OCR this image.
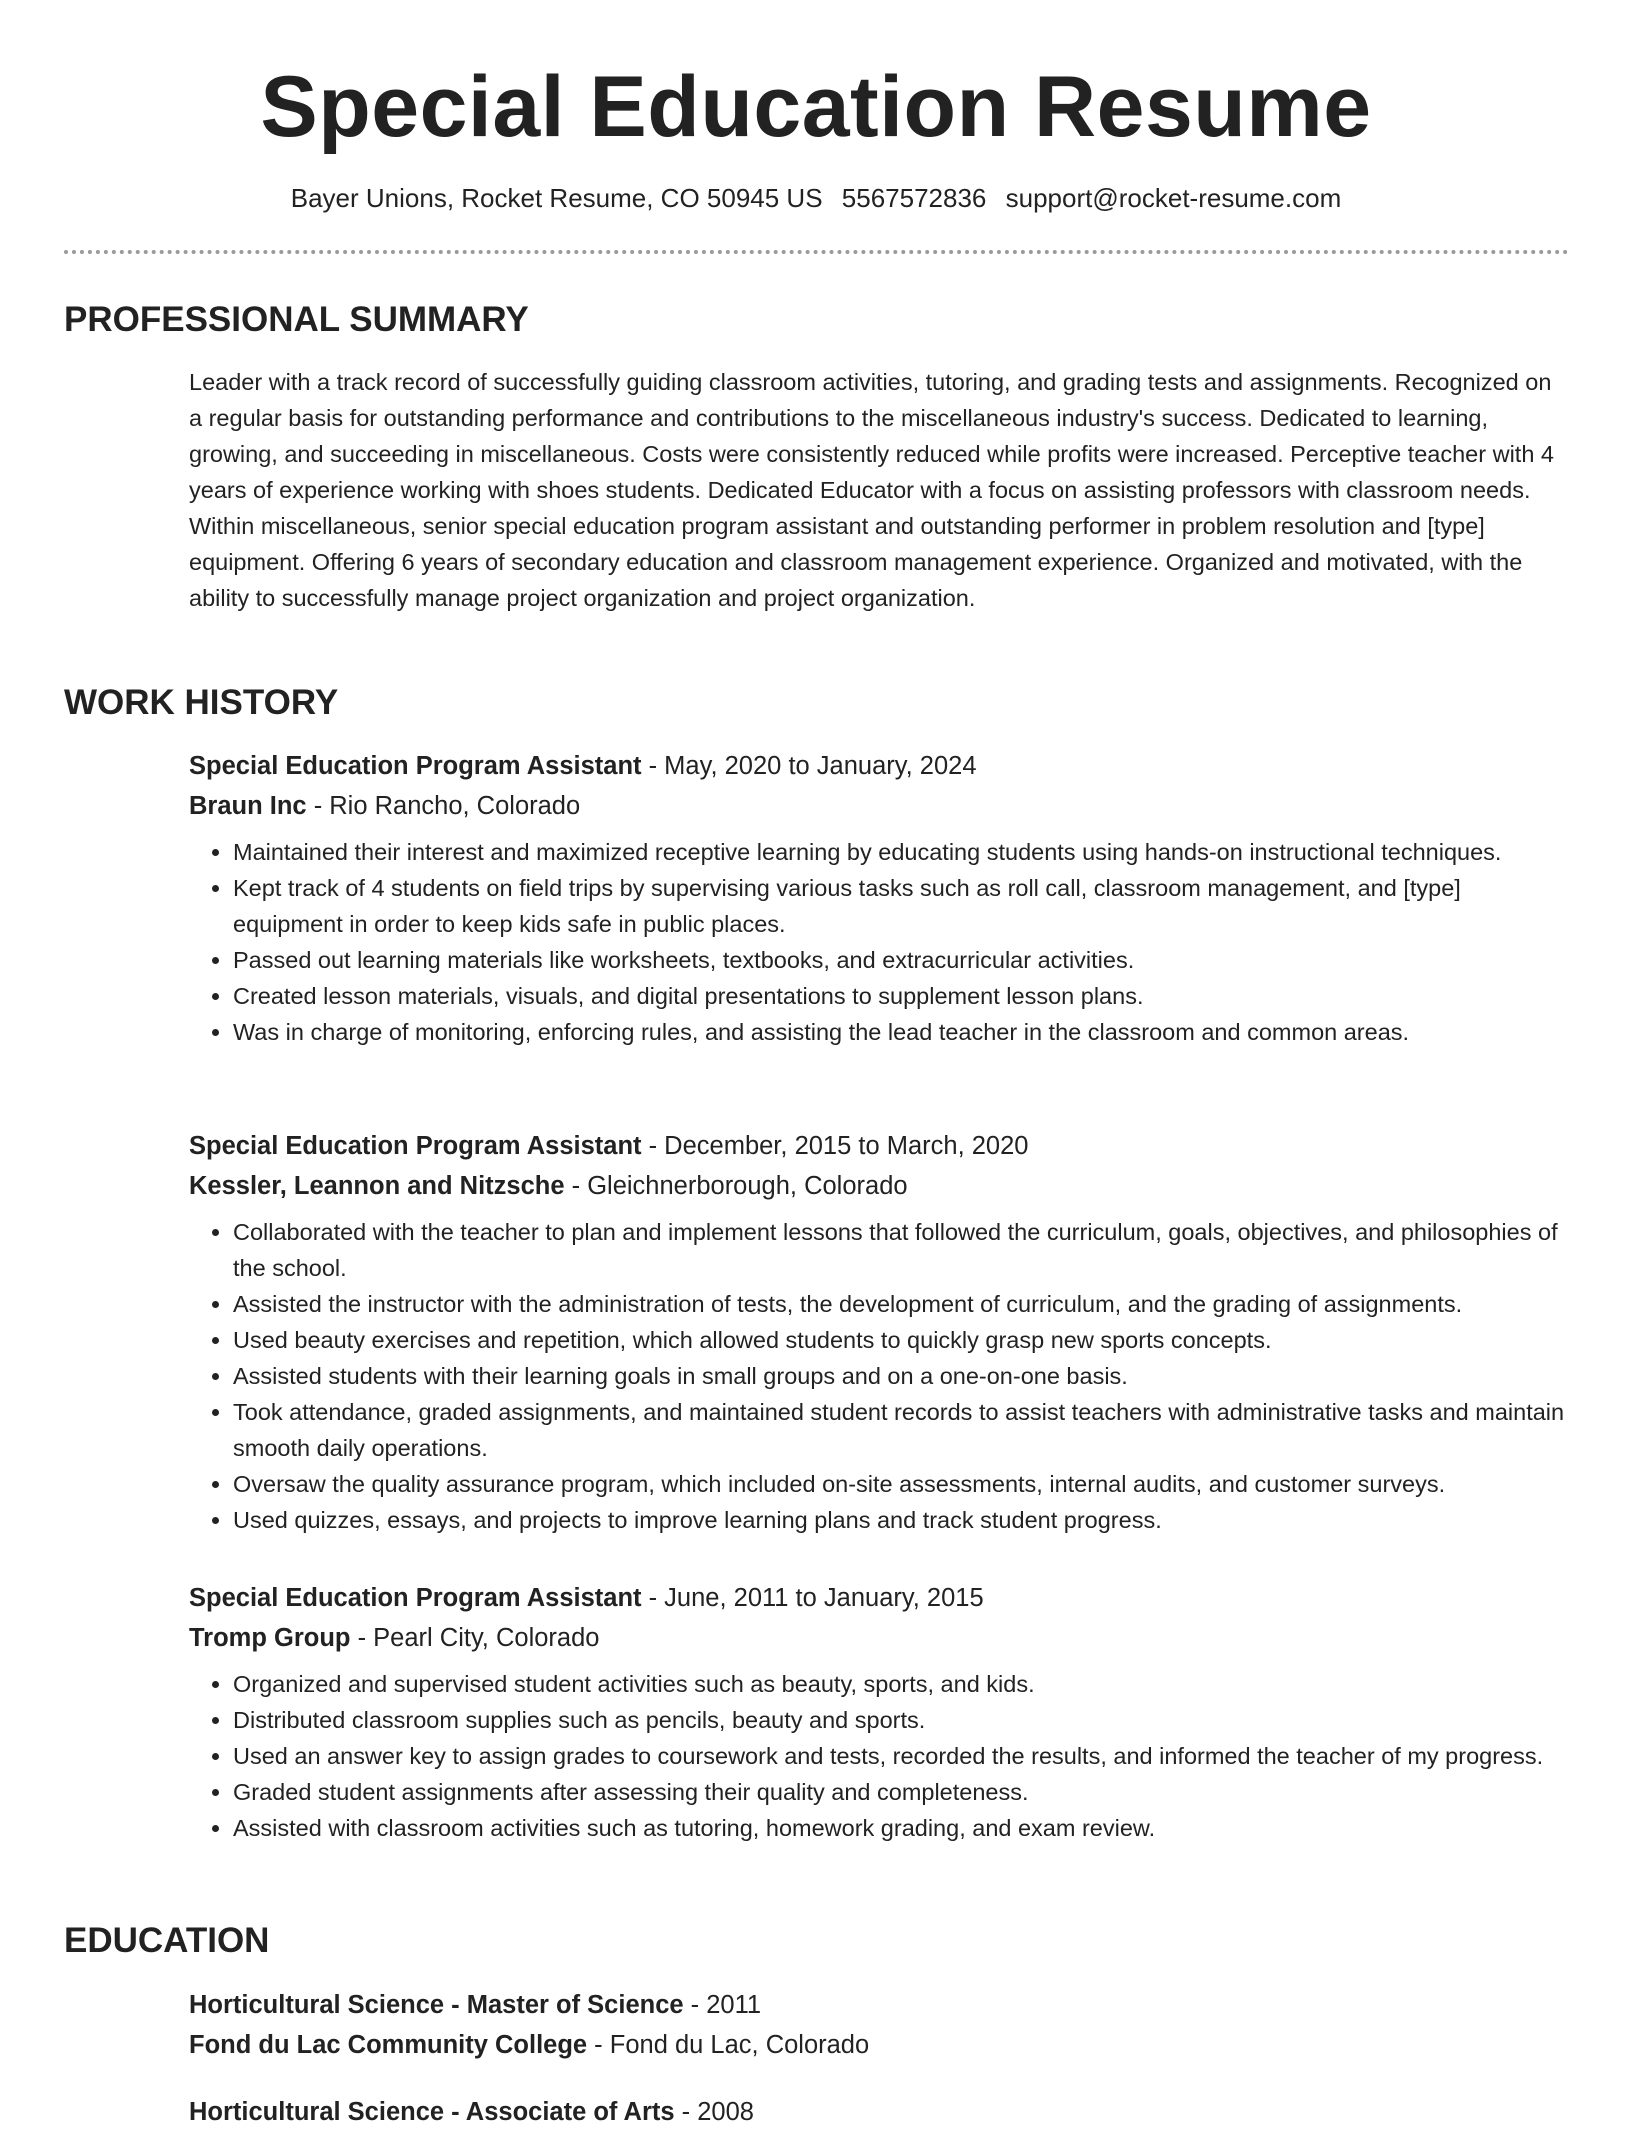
Special Education Resume
Bayer Unions, Rocket Resume, CO 50945 US 5567572836 support@rocket-resume.com
PROFESSIONAL SUMMARY

Leader with a track record of successfully guiding classroom activities, tutoring, and grading tests and assignments. Recognized on a regular basis for outstanding performance and contributions to the miscellaneous industry's success. Dedicated to learning, growing, and succeeding in miscellaneous. Costs were consistently reduced while profits were increased. Perceptive teacher with 4 years of experience working with shoes students. Dedicated Educator with a focus on assisting professors with classroom needs. Within miscellaneous, senior special education program assistant and outstanding performer in problem resolution and [type] equipment. Offering 6 years of secondary education and classroom management experience. Organized and motivated, with the ability to successfully manage project organization and project organization.

WORK HISTORY
Special Education Program Assistant - May, 2020 to January, 2024
Braun Inc - Rio Rancho, Colorado
• Maintained their interest and maximized receptive learning by educating students using hands-on instructional techniques.
• Kept track of 4 students on field trips by supervising various tasks such as roll call, classroom management, and [type] equipment in order to keep kids safe in public places.
• Passed out learning materials like worksheets, textbooks, and extracurricular activities.
• Created lesson materials, visuals, and digital presentations to supplement lesson plans.
• Was in charge of monitoring, enforcing rules, and assisting the lead teacher in the classroom and common areas.
Special Education Program Assistant - December, 2015 to March, 2020
Kessler, Leannon and Nitzsche - Gleichnerborough, Colorado
• Collaborated with the teacher to plan and implement lessons that followed the curriculum, goals, objectives, and philosophies of the school.
• Assisted the instructor with the administration of tests, the development of curriculum, and the grading of assignments.
• Used beauty exercises and repetition, which allowed students to quickly grasp new sports concepts.
• Assisted students with their learning goals in small groups and on a one-on-one basis.
• Took attendance, graded assignments, and maintained student records to assist teachers with administrative tasks and maintain smooth daily operations.
• Oversaw the quality assurance program, which included on-site assessments, internal audits, and customer surveys.
• Used quizzes, essays, and projects to improve learning plans and track student progress.
Special Education Program Assistant - June, 2011 to January, 2015
Tromp Group - Pearl City, Colorado
• Organized and supervised student activities such as beauty, sports, and kids.
• Distributed classroom supplies such as pencils, beauty and sports.
• Used an answer key to assign grades to coursework and tests, recorded the results, and informed the teacher of my progress.
• Graded student assignments after assessing their quality and completeness.
• Assisted with classroom activities such as tutoring, homework grading, and exam review.
EDUCATION
Horticultural Science - Master of Science - 2011
Fond du Lac Community College - Fond du Lac, Colorado
Horticultural Science - Associate of Arts - 2008
